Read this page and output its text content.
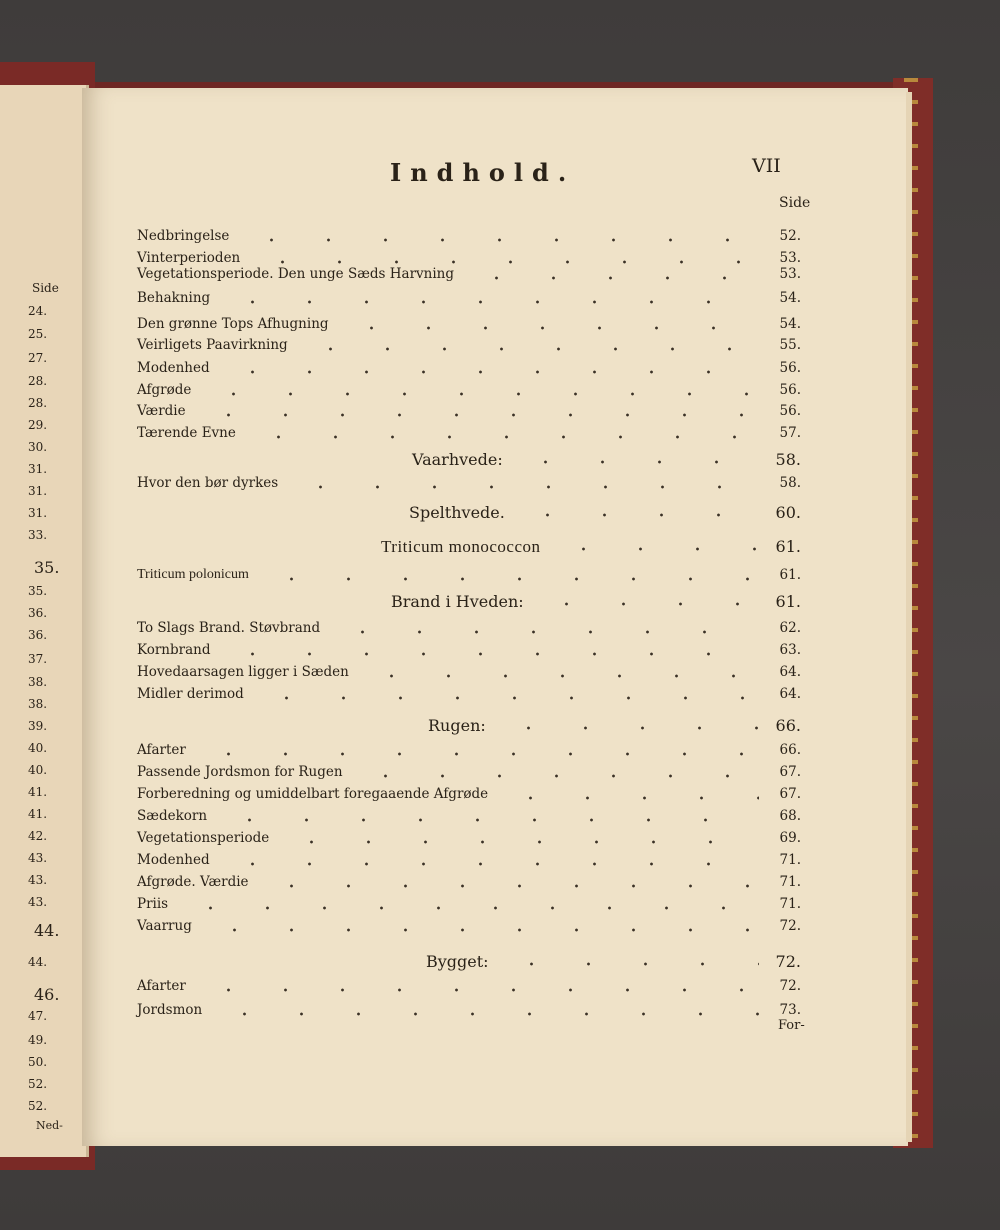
Side
24.
25.
27.
28.
28.
29.
30.
31.
31.
31.
33.
35.
35.
36.
36.
37.
38.
38.
39.
40.
40.
41.
41.
42.
43.
43.
43.
44.
44.
46.
47.
49.
50.
52.
52.
Ned-
Indhold.	VII
Side
Nedbringelse	52.
Vinterperioden	53.
Vegetationsperiode. Den unge Sæds Harvning	53.
Behakning	54.
Den grønne Tops Afhugning	54.
Veirligets Paavirkning	55.
Modenhed	56.
Afgrøde	56.
Værdie	56.
Tærende Evne	57.
Vaarhvede:	58.
Hvor den bør dyrkes	58.
Spelthvede.	60.
Triticum monococcon	61.
Triticum polonicum	61.
Brand i Hveden:	61.
To Slags Brand. Støvbrand	62.
Kornbrand	63.
Hovedaarsagen ligger i Sæden	64.
Midler derimod	64.
Rugen:	66.
Afarter	66.
Passende Jordsmon for Rugen	67.
Forberedning og umiddelbart foregaaende Afgrøde	67.
Sædekorn	68.
Vegetationsperiode	69.
Modenhed	71.
Afgrøde. Værdie	71.
Priis	71.
Vaarrug	72.
Bygget:	72.
Afarter	72.
Jordsmon	73.
For-
